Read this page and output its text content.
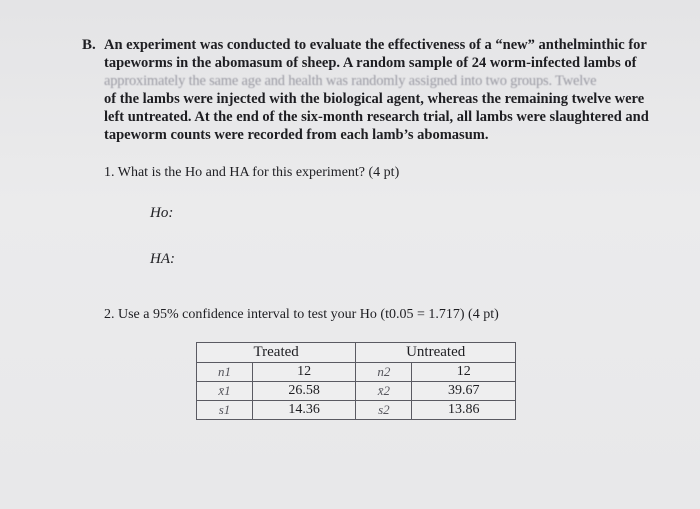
B. An experiment was conducted to evaluate the effectiveness of a “new” anthelminthic for
tapeworms in the abomasum of sheep. A random sample of 24 worm-infected lambs of
approximately the same age and health was randomly assigned into two groups. Twelve
of the lambs were injected with the biological agent, whereas the remaining twelve were
left untreated. At the end of the six-month research trial, all lambs were slaughtered and
tapeworm counts were recorded from each lamb’s abomasum.
1. What is the Ho and HA for this experiment? (4 pt)
Ho:
HA:
2. Use a 95% confidence interval to test your Ho (t0.05 = 1.717) (4 pt)
Treated		Untreated	
n1	12	n2	12
x̄1	26.58	x̄2	39.67
s1	14.36	s2	13.86
